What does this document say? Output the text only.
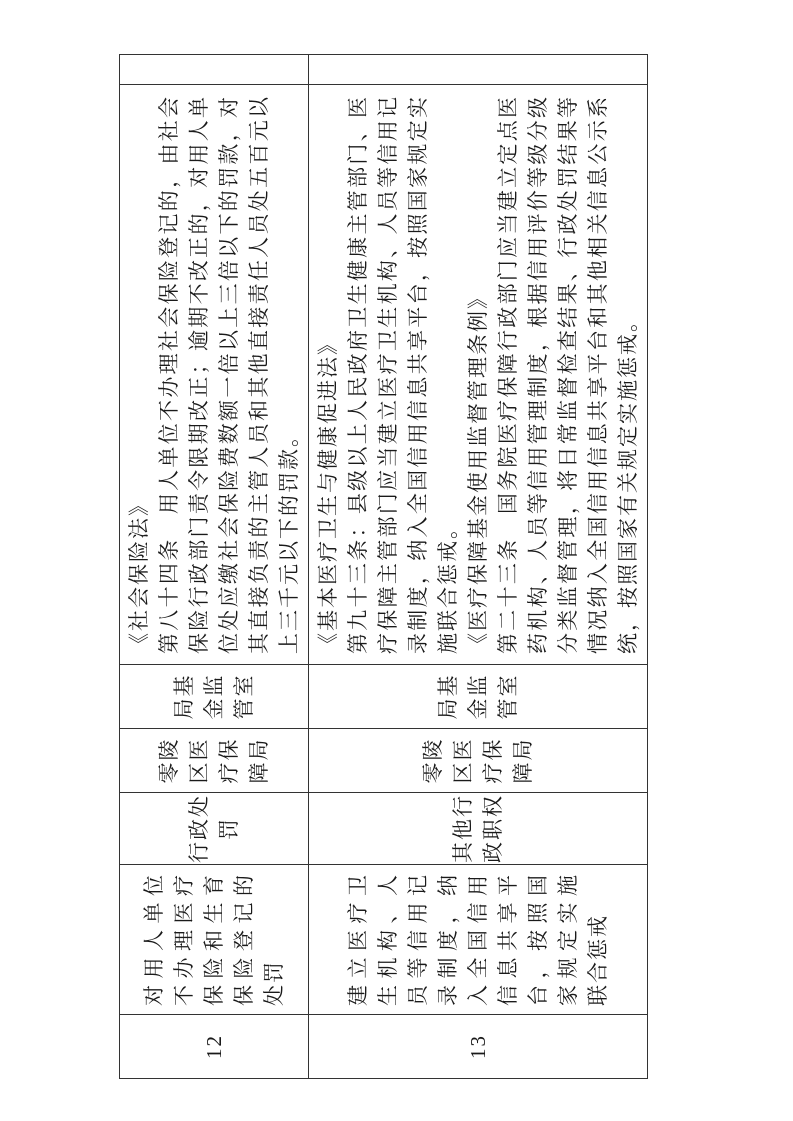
12	对用人单位不办理医疗保险和生育保险登记的处罚	行政处罚	零陵区医疗保障局	局基金监管室	《社会保险法》 第八十四条　用人单位不办理社会保险登记的，由社会保险行政部门责令限期改正；逾期不改正的，对用人单位处应缴社会保险费数额一倍以上三倍以下的罚款，对其直接负责的主管人员和其他直接责任人员处五百元以上三千元以下的罚款。	

13	建立医疗卫生机构、人员等信用记录制度，纳入全国信用信息共享平台，按照国家规定实施联合惩戒	其他行政职权	零陵区医疗保障局	局基金监管室	《基本医疗卫生与健康促进法》 第九十三条：县级以上人民政府卫生健康主管部门、医疗保障主管部门应当建立医疗卫生机构、人员等信用记录制度，纳入全国信用信息共享平台，按照国家规定实施联合惩戒。 《医疗保障基金使用监督管理条例》 第二十三条　国务院医疗保障行政部门应当建立定点医药机构、人员等信用管理制度，根据信用评价等级分级分类监督管理，将日常监督检查结果、行政处罚结果等情况纳入全国信用信息共享平台和其他相关信息公示系统，按照国家有关规定实施惩戒。	
